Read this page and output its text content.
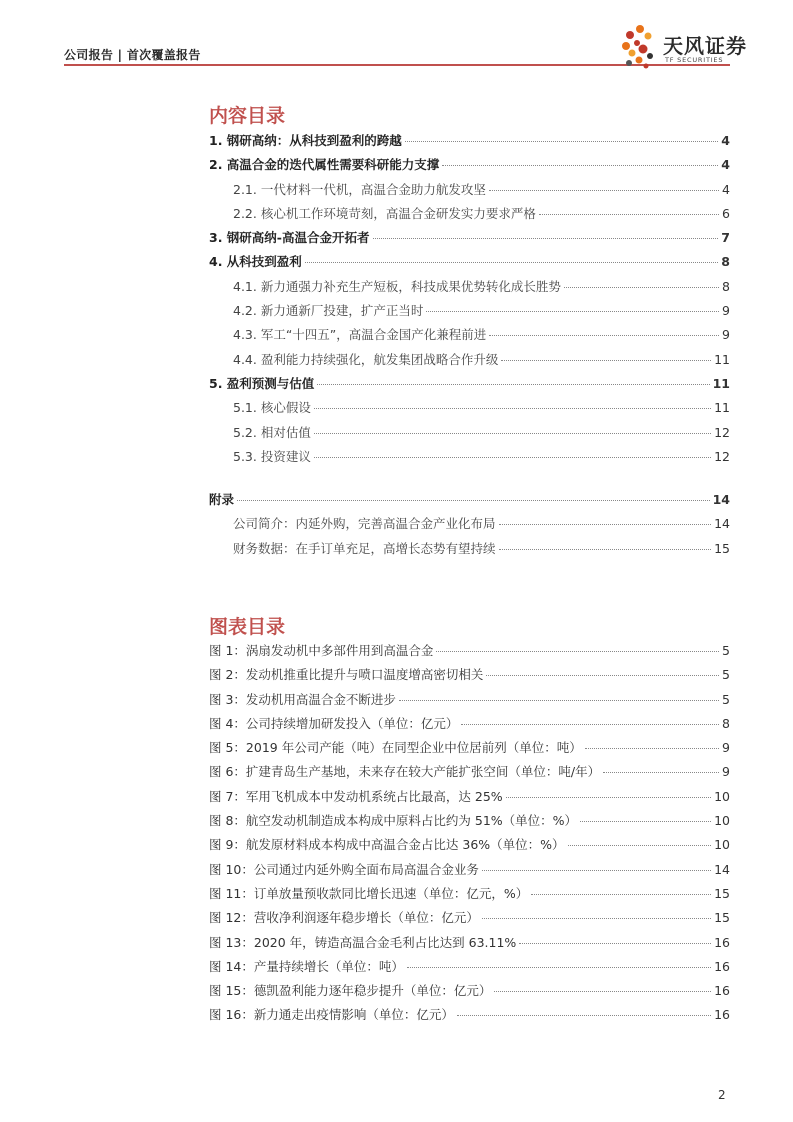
公司报告 | 首次覆盖报告	天风证券
TF SECURITIES
内容目录
1. 钢研高纳：从科技到盈利的跨越	4
2. 高温合金的迭代属性需要科研能力支撑	4
2.1. 一代材料一代机，高温合金助力航发攻坚	4
2.2. 核心机工作环境苛刻，高温合金研发实力要求严格	6
3. 钢研高纳-高温合金开拓者	7
4. 从科技到盈利	8
4.1. 新力通强力补充生产短板，科技成果优势转化成长胜势	8
4.2. 新力通新厂投建，扩产正当时	9
4.3. 军工“十四五”，高温合金国产化兼程前进	9
4.4. 盈利能力持续强化，航发集团战略合作升级	11
5. 盈利预测与估值	11
5.1. 核心假设	11
5.2. 相对估值	12
5.3. 投资建议	12
附录	14
公司简介：内延外购，完善高温合金产业化布局	14
财务数据：在手订单充足，高增长态势有望持续	15
图表目录
图 1：涡扇发动机中多部件用到高温合金	5
图 2：发动机推重比提升与喷口温度增高密切相关	5
图 3：发动机用高温合金不断进步	5
图 4：公司持续增加研发投入（单位：亿元）	8
图 5：2019 年公司产能（吨）在同型企业中位居前列（单位：吨）	9
图 6：扩建青岛生产基地，未来存在较大产能扩张空间（单位：吨/年）	9
图 7：军用飞机成本中发动机系统占比最高，达 25%	10
图 8：航空发动机制造成本构成中原料占比约为 51%（单位：%）	10
图 9：航发原材料成本构成中高温合金占比达 36%（单位：%）	10
图 10：公司通过内延外购全面布局高温合金业务	14
图 11：订单放量预收款同比增长迅速（单位：亿元，%）	15
图 12：营收净利润逐年稳步增长（单位：亿元）	15
图 13：2020 年，铸造高温合金毛利占比达到 63.11%	16
图 14：产量持续增长（单位：吨）	16
图 15：德凯盈利能力逐年稳步提升（单位：亿元）	16
图 16：新力通走出疫情影响（单位：亿元）	16
2
